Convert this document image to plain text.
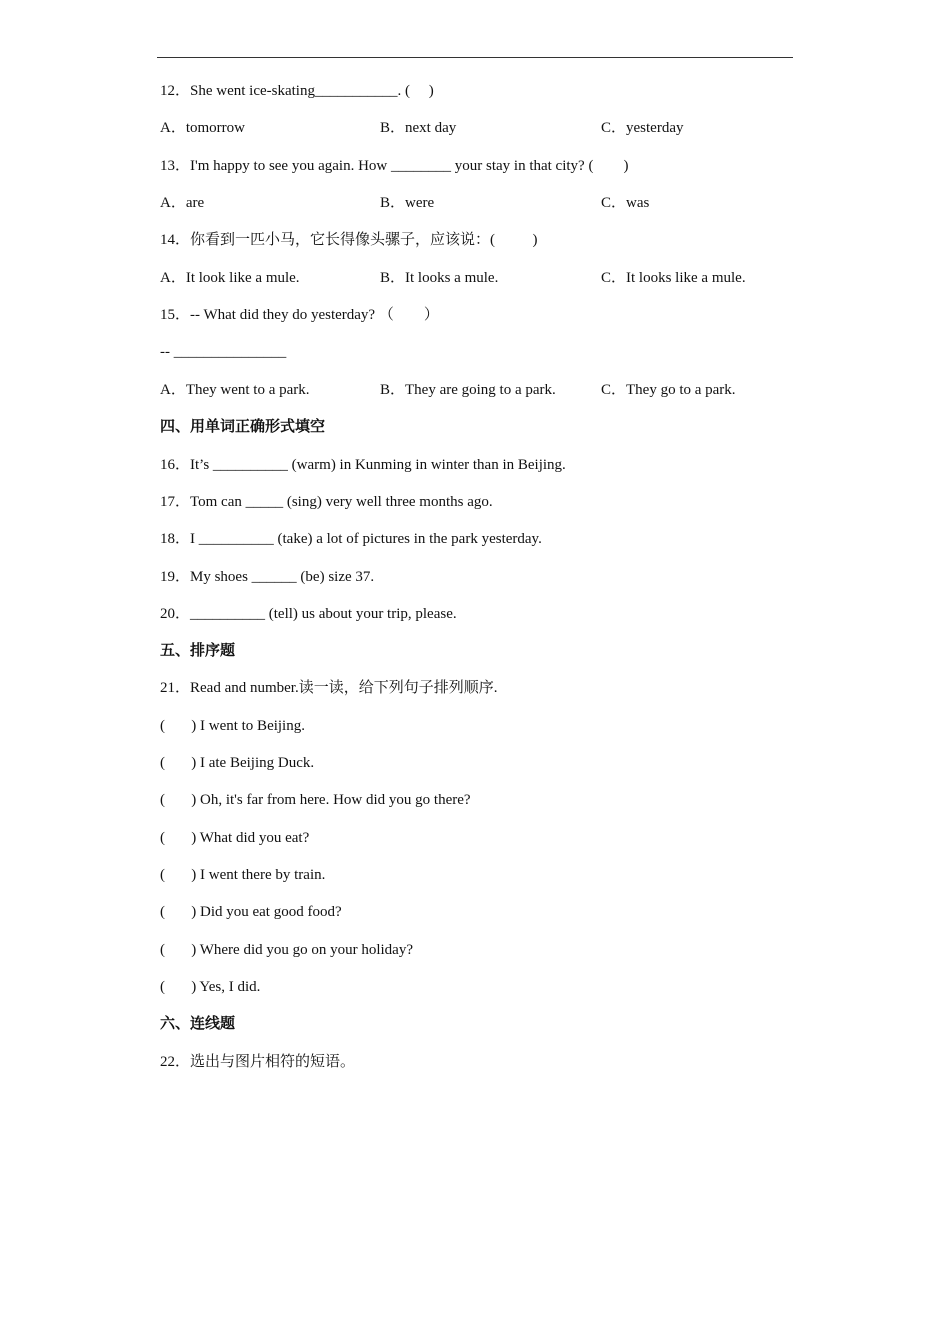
12．She went ice-skating___________. (     )
A．tomorrow	B．next day	C．yesterday
13．I'm happy to see you again. How ________ your stay in that city? (        )
A．are	B．were	C．was
14．你看到一匹小马，它长得像头骡子，应该说：(          )
A．It look like a mule.	B．It looks a mule.	C．It looks like a mule.
15．-- What did they do yesterday? （        ）
-- _______________
A．They went to a park.	B．They are going to a park.	C．They go to a park.
四、用单词正确形式填空
16．It’s __________ (warm) in Kunming in winter than in Beijing.
17．Tom can _____ (sing) very well three months ago.
18．I __________ (take) a lot of pictures in the park yesterday.
19．My shoes ______ (be) size 37.
20．__________ (tell) us about your trip, please.
五、排序题
21．Read and number.读一读，给下列句子排列顺序.
(       ) I went to Beijing.
(       ) I ate Beijing Duck.
(       ) Oh, it's far from here. How did you go there?
(       ) What did you eat?
(       ) I went there by train.
(       ) Did you eat good food?
(       ) Where did you go on your holiday?
(       ) Yes, I did.
六、连线题
22．选出与图片相符的短语。
